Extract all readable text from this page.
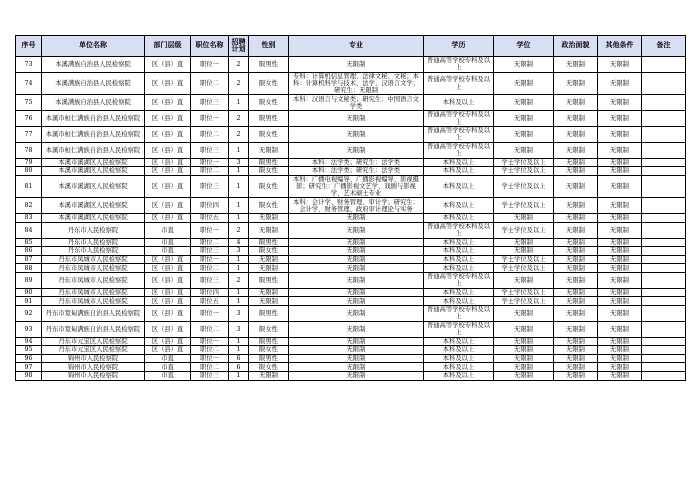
序号	单位名称	部门层级	职位名称	招聘计划	性别	专业	学历	学位	政治面貌	其他条件	备注
73	本溪满族自治县人民检察院	区（县）直	职位一	2	限男性	无限制	普通高等学校专科及以上	无限制	无限制	无限制	
74	本溪满族自治县人民检察院	区（县）直	职位二	2	限女性	专科：计算机信息管理、法律文秘、文秘；本科：计算机科学与技术、法学、汉语言文学；研究生：无限制	普通高等学校专科及以上	无限制	无限制	无限制	
75	本溪满族自治县人民检察院	区（县）直	职位三	1	限女性	本科：汉语言与文秘类；研究生：中国语言文学类	本科及以上	无限制	无限制	无限制	
76	本溪市桓仁满族自治县人民检察院	区（县）直	职位一	2	限男性	无限制	普通高等学校专科及以上	无限制	无限制	无限制	
77	本溪市桓仁满族自治县人民检察院	区（县）直	职位二	2	限女性	无限制	普通高等学校专科及以上	无限制	无限制	无限制	
78	本溪市桓仁满族自治县人民检察院	区（县）直	职位三	1	无限制	无限制	普通高等学校专科及以上	无限制	无限制	无限制	
79	本溪市溪湖区人民检察院	区（县）直	职位一	3	限男性	本科：法学类；研究生：法学类	本科及以上	学士学位及以上	无限制	无限制	
80	本溪市溪湖区人民检察院	区（县）直	职位二	1	限女性	本科：法学类；研究生：法学类	本科及以上	学士学位及以上	无限制	无限制	
81	本溪市溪湖区人民检察院	区（县）直	职位三	1	限女性	本科：广播电视编导、广播影视编导、影视摄影；研究生：广播影视文艺学、戏剧与影视学、艺术硕士专业	本科及以上	学士学位及以上	无限制	无限制	
82	本溪市溪湖区人民检察院	区（县）直	职位四	1	限女性	本科：会计学、财务管理、审计学；研究生：会计学、财务管理、政府审计理论与实务	本科及以上	学士学位及以上	无限制	无限制	
83	本溪市溪湖区人民检察院	区（县）直	职位五	1	无限制	无限制	本科及以上	无限制	无限制	无限制	
84	丹东市人民检察院	市直	职位一	2	无限制	无限制	普通高等学校本科及以上	学士学位及以上	无限制	无限制	
85	丹东市人民检察院	市直	职位二	4	限男性	无限制	本科及以上	无限制	无限制	无限制	
86	丹东市人民检察院	市直	职位三	3	限女性	无限制	本科及以上	无限制	无限制	无限制	
87	丹东市凤城市人民检察院	区（县）直	职位一	1	无限制	无限制	本科及以上	学士学位及以上	无限制	无限制	
88	丹东市凤城市人民检察院	区（县）直	职位二	1	无限制	无限制	本科及以上	学士学位及以上	无限制	无限制	
89	丹东市凤城市人民检察院	区（县）直	职位三	2	限男性	无限制	普通高等学校专科及以上	无限制	无限制	无限制	
90	丹东市凤城市人民检察院	区（县）直	职位四	1	无限制	无限制	本科及以上	学士学位及以上	无限制	无限制	
91	丹东市凤城市人民检察院	区（县）直	职位五	1	无限制	无限制	本科及以上	学士学位及以上	无限制	无限制	
92	丹东市宽甸满族自治县人民检察院	区（县）直	职位一	3	限男性	无限制	普通高等学校专科及以上	无限制	无限制	无限制	
93	丹东市宽甸满族自治县人民检察院	区（县）直	职位二	3	限女性	无限制	普通高等学校专科及以上	无限制	无限制	无限制	
94	丹东市元宝区人民检察院	区（县）直	职位一	1	限男性	无限制	本科及以上	无限制	无限制	无限制	
95	丹东市元宝区人民检察院	区（县）直	职位二	1	限女性	无限制	本科及以上	无限制	无限制	无限制	
96	锦州市人民检察院	市直	职位一	6	限男性	无限制	本科及以上	无限制	无限制	无限制	
97	锦州市人民检察院	市直	职位二	6	限女性	无限制	本科及以上	无限制	无限制	无限制	
98	锦州市人民检察院	市直	职位三	1	无限制	无限制	本科及以上	无限制	无限制	无限制	
